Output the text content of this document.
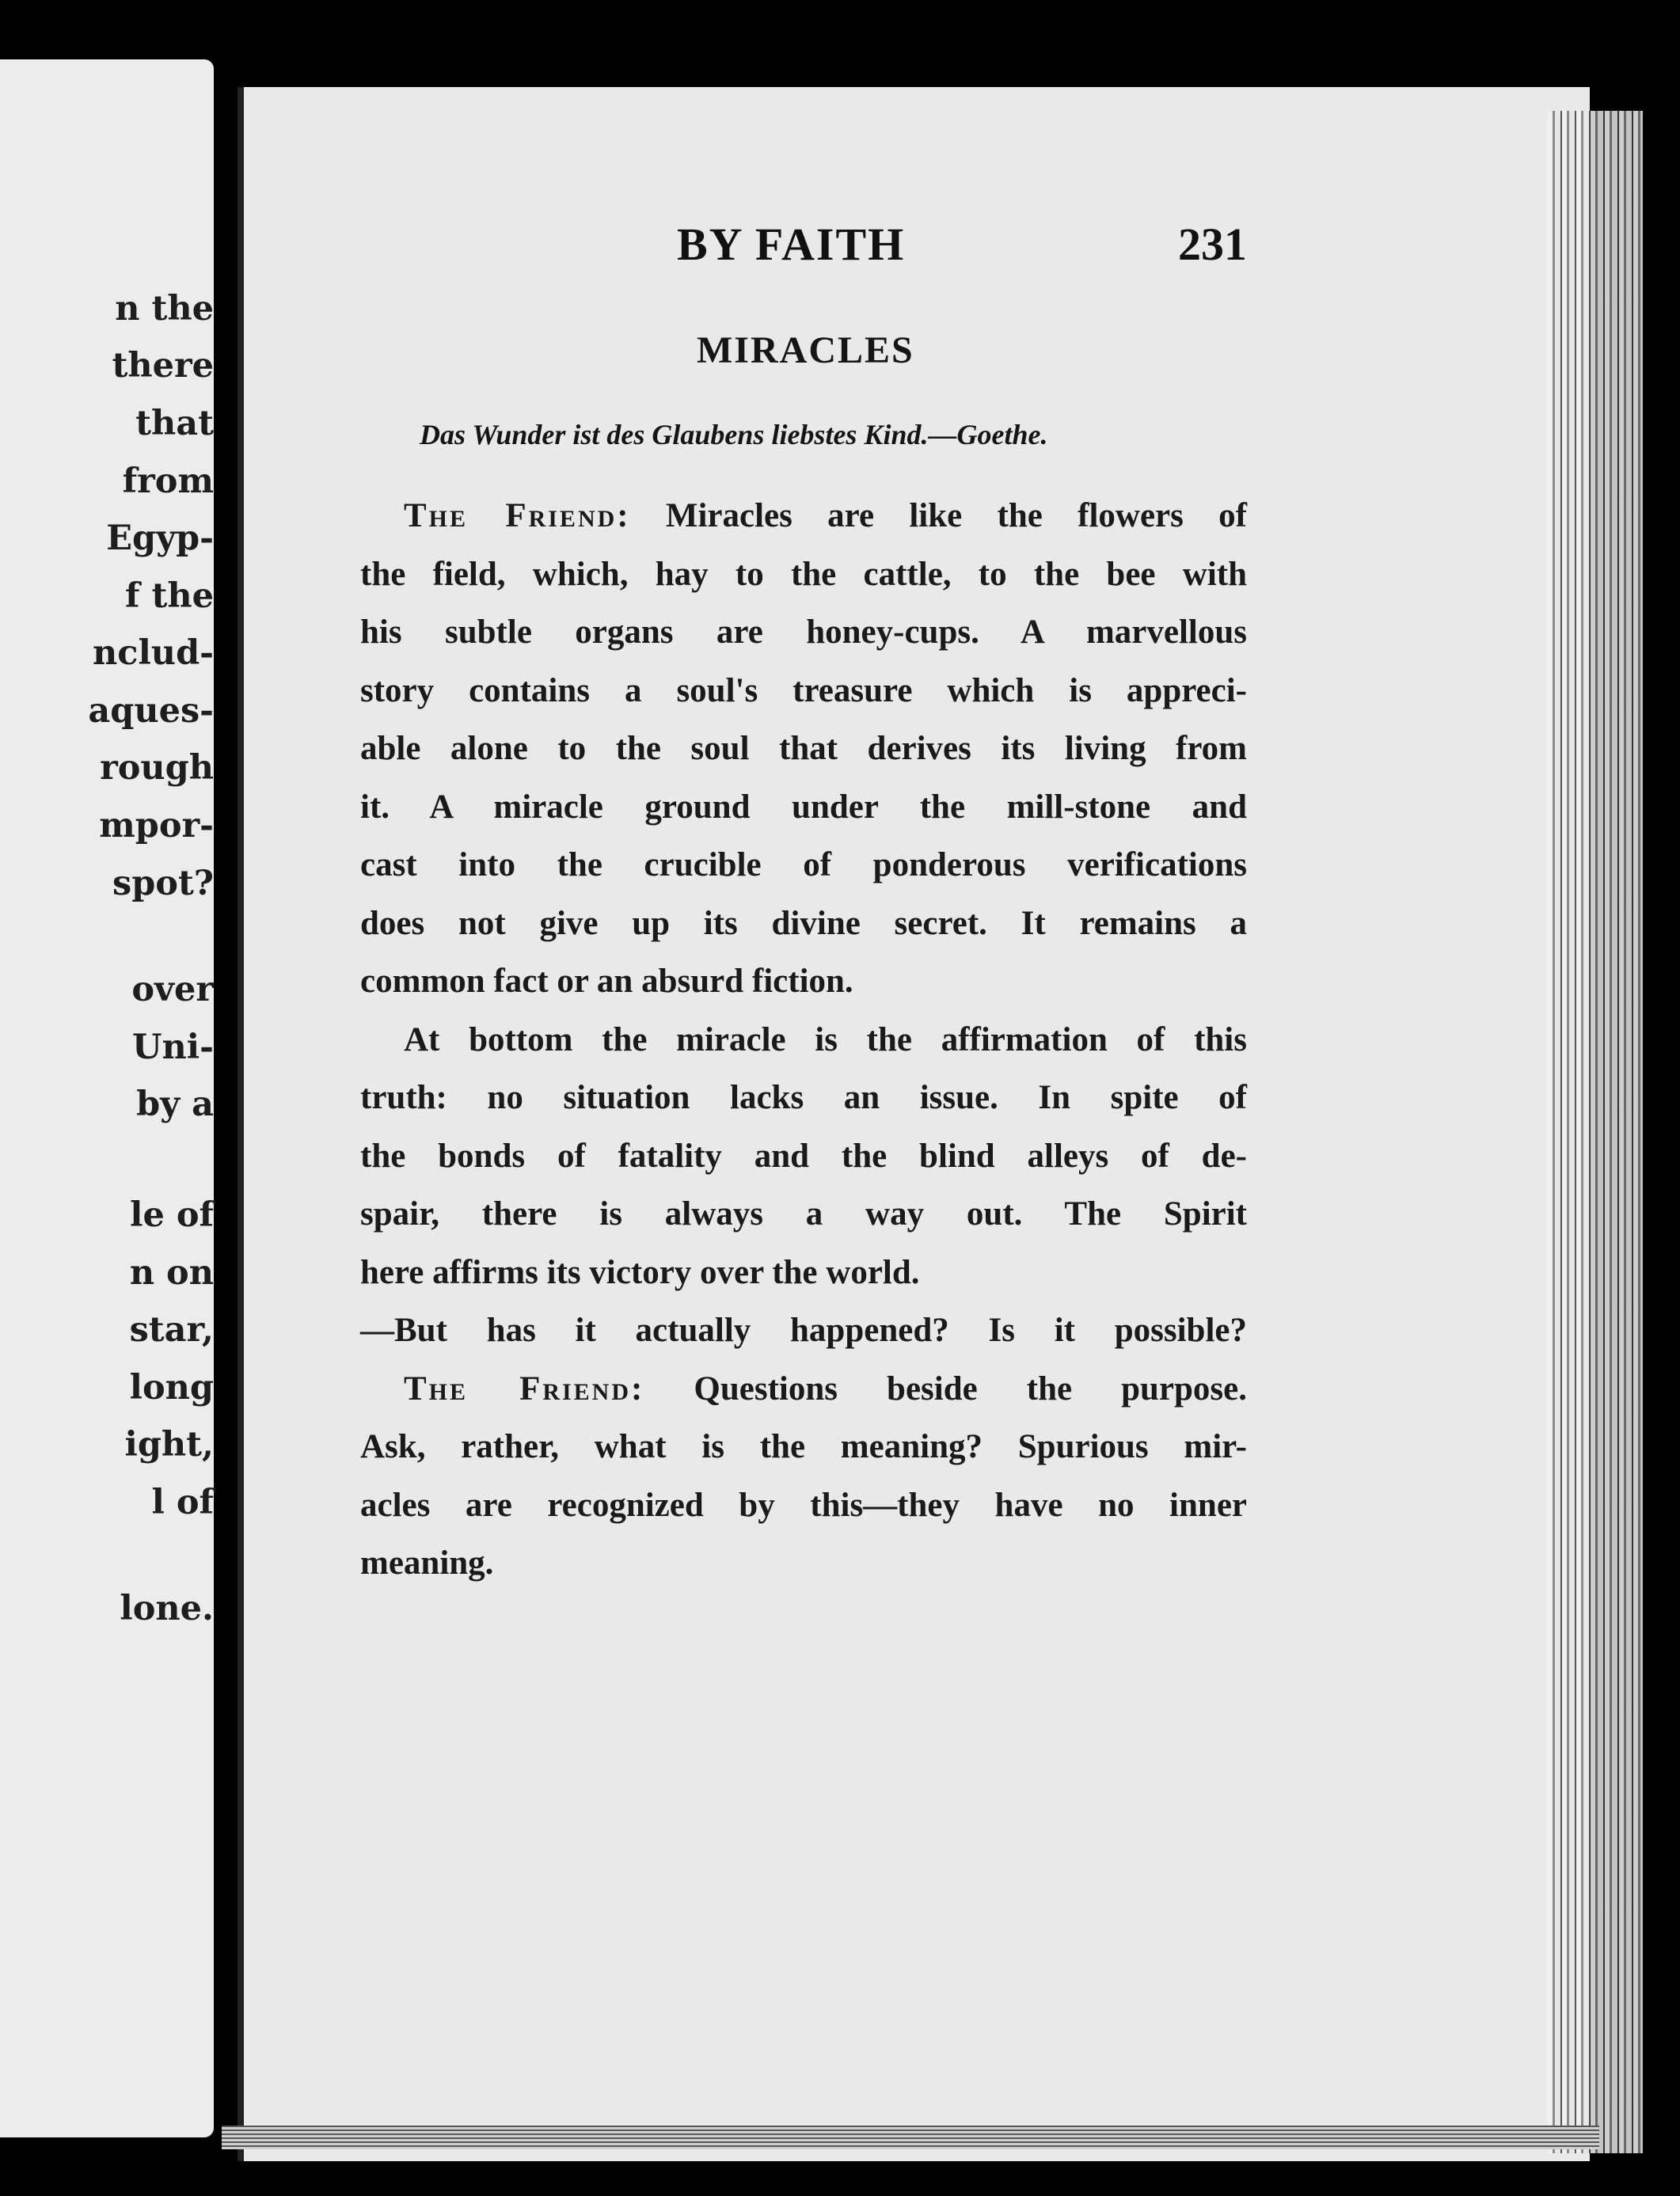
n the
there
that
from
Egyp-
f the
nclud-
aques-
rough
mpor-
spot?
over
Uni-
by a
le of
n on
star,
long
ight,
l of
lone.
BY FAITH	231
MIRACLES
Das Wunder ist des Glaubens liebstes Kind.—Goethe.
The Friend: Miracles are like the flowers of
the field, which, hay to the cattle, to the bee with
his subtle organs are honey-cups. A marvellous
story contains a soul's treasure which is appreci-
able alone to the soul that derives its living from
it. A miracle ground under the mill-stone and
cast into the crucible of ponderous verifications
does not give up its divine secret. It remains a
common fact or an absurd fiction.
At bottom the miracle is the affirmation of this
truth: no situation lacks an issue. In spite of
the bonds of fatality and the blind alleys of de-
spair, there is always a way out. The Spirit
here affirms its victory over the world.
—But has it actually happened? Is it possible?
The Friend: Questions beside the purpose.
Ask, rather, what is the meaning? Spurious mir-
acles are recognized by this—they have no inner
meaning.
